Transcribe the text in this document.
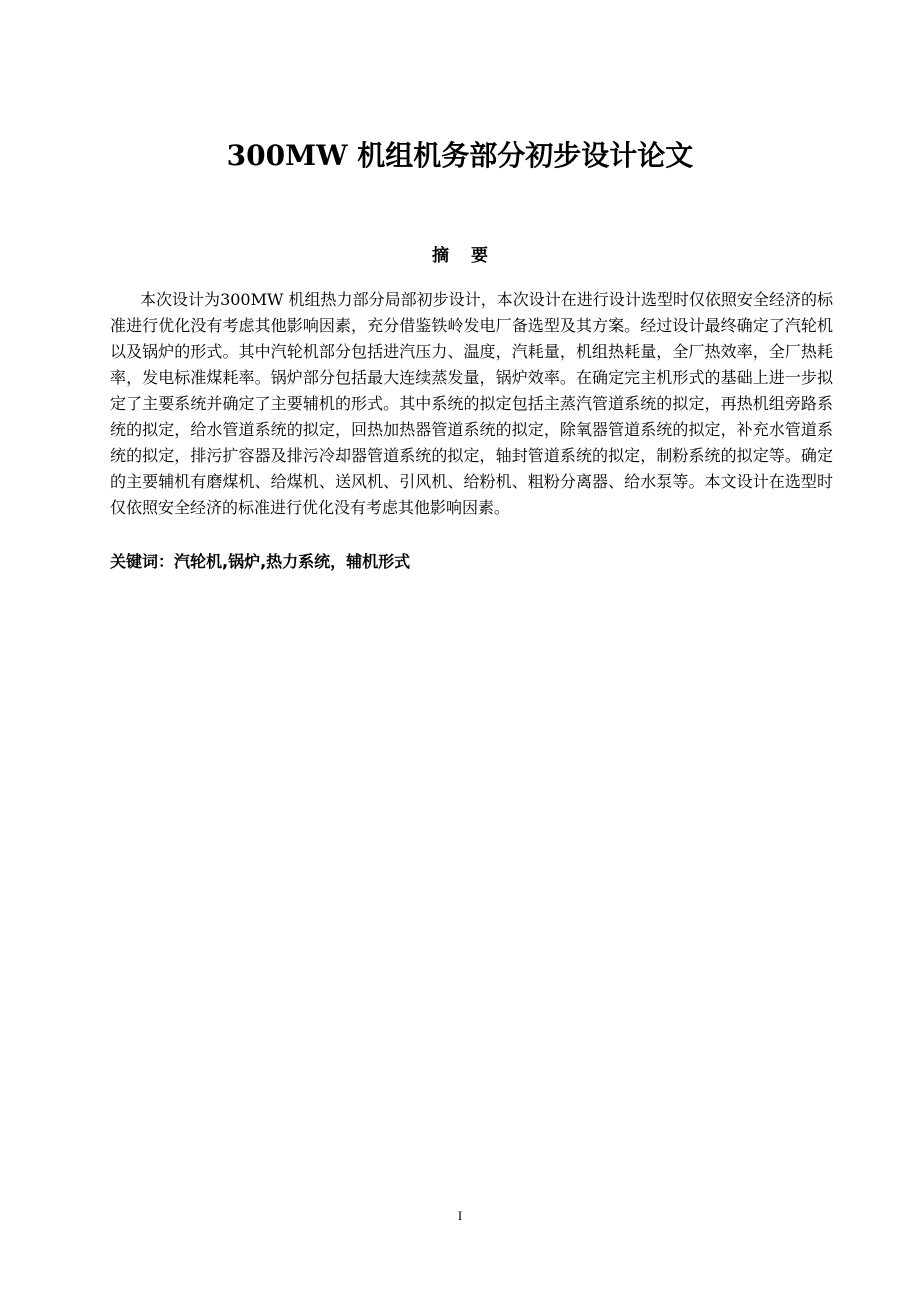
300MW 机组机务部分初步设计论文
摘要

本次设计为300MW 机组热力部分局部初步设计，本次设计在进行设计选型时仅依照安全经济的标准进行优化没有考虑其他影响因素，充分借鉴铁岭发电厂备选型及其方案。经过设计最终确定了汽轮机以及锅炉的形式。其中汽轮机部分包括进汽压力、温度，汽耗量，机组热耗量，全厂热效率，全厂热耗率，发电标准煤耗率。锅炉部分包括最大连续蒸发量，锅炉效率。在确定完主机形式的基础上进一步拟定了主要系统并确定了主要辅机的形式。其中系统的拟定包括主蒸汽管道系统的拟定，再热机组旁路系统的拟定，给水管道系统的拟定，回热加热器管道系统的拟定，除氧器管道系统的拟定，补充水管道系统的拟定，排污扩容器及排污冷却器管道系统的拟定，轴封管道系统的拟定，制粉系统的拟定等。确定的主要辅机有磨煤机、给煤机、送风机、引风机、给粉机、粗粉分离器、给水泵等。本文设计在选型时仅依照安全经济的标准进行优化没有考虑其他影响因素。

关键词：汽轮机,锅炉,热力系统，辅机形式

I
